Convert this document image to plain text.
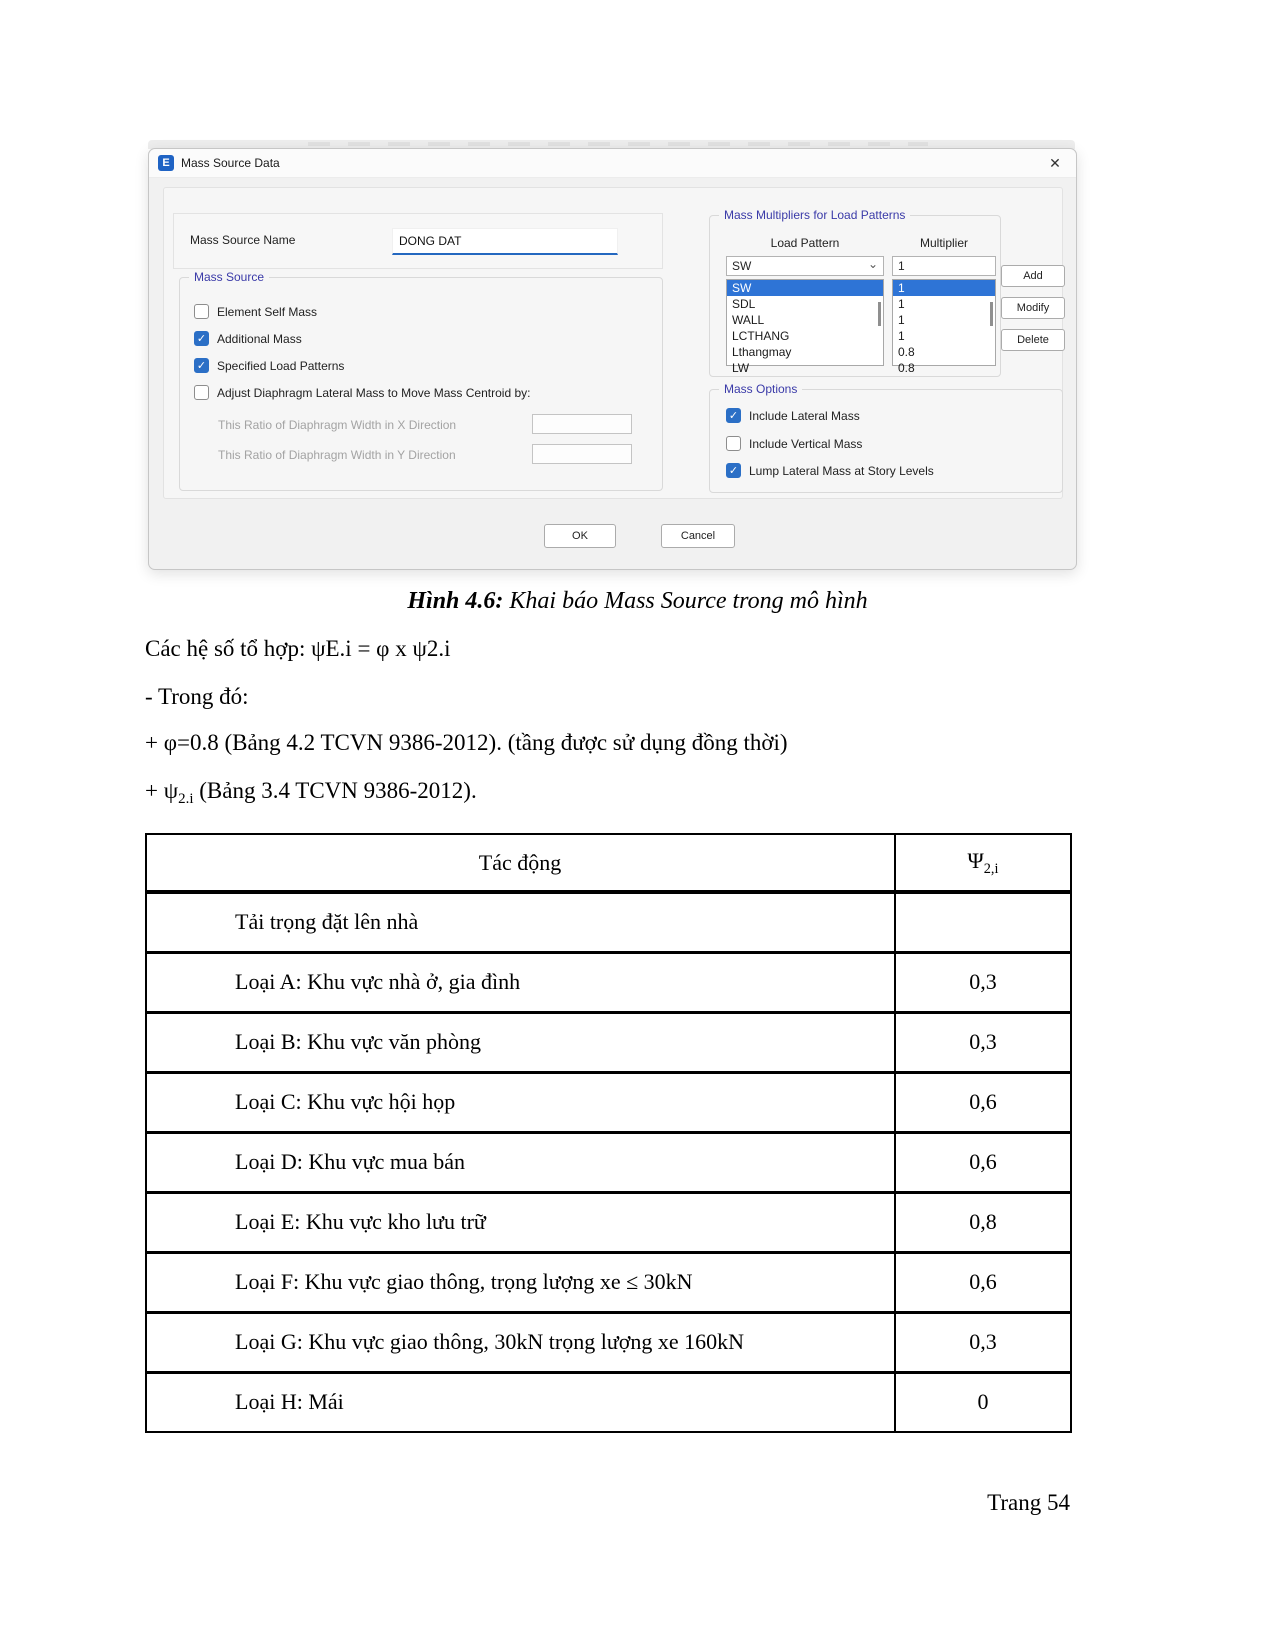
E Mass Source Data	✕
Mass Source Name	DONG DAT
Mass Source
Element Self Mass
✓ Additional Mass
✓ Specified Load Patterns
Adjust Diaphragm Lateral Mass to Move Mass Centroid by:
This Ratio of Diaphragm Width in X Direction
This Ratio of Diaphragm Width in Y Direction
Mass Multipliers for Load Patterns
Load Pattern	Multiplier
SW	⌄	1
SW
SDL
WALL
LCTHANG
Lthangmay
LW
1
1
1
1
0.8
0.8
Add
Modify
Delete
Mass Options
✓ Include Lateral Mass
Include Vertical Mass
✓ Lump Lateral Mass at Story Levels
OK	Cancel
Hình 4.6: Khai báo Mass Source trong mô hình
Các hệ số tổ hợp: ψE.i = φ x ψ2.i
- Trong đó:
+ φ=0.8 (Bảng 4.2 TCVN 9386-2012). (tầng được sử dụng đồng thời)
+ $\psi_{2.i}$ (Bảng 3.4 TCVN 9386-2012).
Tác động	$\Psi_{2,i}$
Tải trọng đặt lên nhà	
Loại A: Khu vực nhà ở, gia đình	0,3
Loại B: Khu vực văn phòng	0,3
Loại C: Khu vực hội họp	0,6
Loại D: Khu vực mua bán	0,6
Loại E: Khu vực kho lưu trữ	0,8
Loại F: Khu vực giao thông, trọng lượng xe ≤ 30kN	0,6
Loại G: Khu vực giao thông, 30kN trọng lượng xe 160kN	0,3
Loại H: Mái	0
Trang 54
